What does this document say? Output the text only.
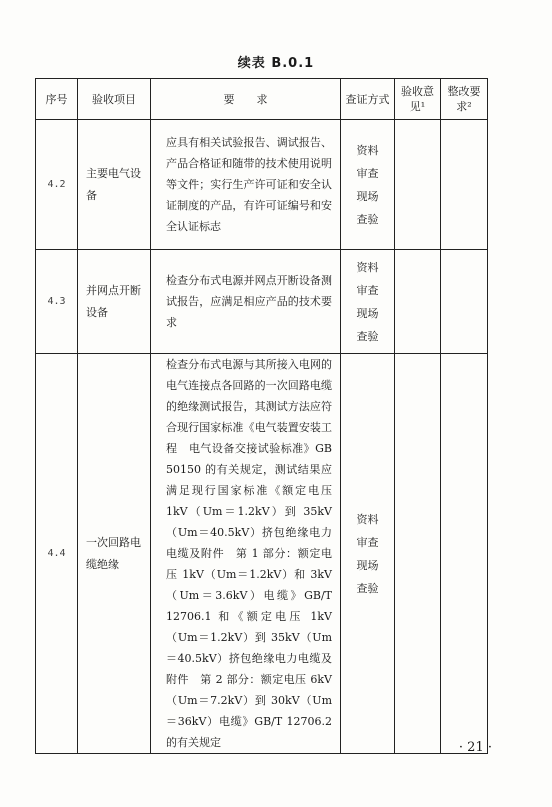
续表 B.0.1
序号	验收项目	要　　求	查证方式	验收意见¹	整改要求²

4.2	主要电气设备	应具有相关试验报告、调试报告、产品合格证和随带的技术使用说明等文件；实行生产许可证和安全认证制度的产品，有许可证编号和安全认证标志	资料审查现场查验		

4.3	并网点开断设备	检查分布式电源并网点开断设备测试报告，应满足相应产品的技术要求	资料审查现场查验		

4.4	一次回路电缆绝缘	检查分布式电源与其所接入电网的电气连接点各回路的一次回路电缆的绝缘测试报告，其测试方法应符合现行国家标准《电气装置安装工程　电气设备交接试验标准》GB 50150 的有关规定，测试结果应满足现行国家标准《额定电压 1kV（Um＝1.2kV）到 35kV（Um＝40.5kV）挤包绝缘电力电缆及附件　第 1 部分：额定电压 1kV（Um＝1.2kV）和 3kV（Um＝3.6kV）电缆》GB/T 12706.1 和《额定电压 1kV（Um＝1.2kV）到 35kV（Um＝40.5kV）挤包绝缘电力电缆及附件　第 2 部分：额定电压 6kV（Um＝7.2kV）到 30kV（Um＝36kV）电缆》GB/T 12706.2 的有关规定	资料审查现场查验		

· 21 ·
